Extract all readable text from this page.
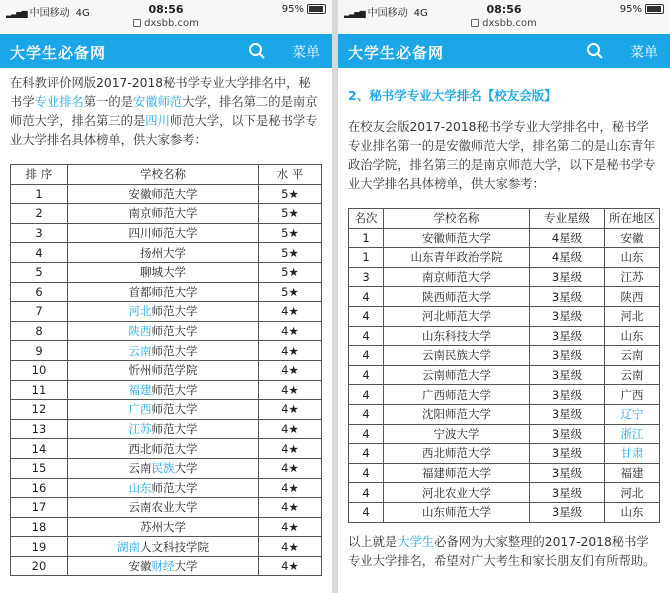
▂▃▅▆ 中国移动 4G	08:56
dxsbb.com
95%
大学生必备网	菜单

在科教评价网版2017-2018秘书学专业大学排名中，秘书学专业排名第一的是安徽师范大学，排名第二的是南京师范大学，排名第三的是四川师范大学，以下是秘书学专业大学排名具体榜单，供大家参考：

排 序	学校名称	水 平
1	安徽师范大学	5★
2	南京师范大学	5★
3	四川师范大学	5★
4	扬州大学	5★
5	聊城大学	5★
6	首都师范大学	5★
7	河北师范大学	4★
8	陕西师范大学	4★
9	云南师范大学	4★
10	忻州师范学院	4★
11	福建师范大学	4★
12	广西师范大学	4★
13	江苏师范大学	4★
14	西北师范大学	4★
15	云南民族大学	4★
16	山东师范大学	4★
17	云南农业大学	4★
18	苏州大学	4★
19	湖南人文科技学院	4★
20	安徽财经大学	4★
▂▃▅▆ 中国移动 4G	08:56
dxsbb.com
95%
大学生必备网	菜单

2、秘书学专业大学排名【校友会版】

在校友会版2017-2018秘书学专业大学排名中，秘书学专业排名第一的是安徽师范大学，排名第二的是山东青年政治学院，排名第三的是南京师范大学，以下是秘书学专业大学排名具体榜单，供大家参考：

名次	学校名称	专业星级	所在地区
1	安徽师范大学	4星级	安徽
1	山东青年政治学院	4星级	山东
3	南京师范大学	3星级	江苏
4	陕西师范大学	3星级	陕西
4	河北师范大学	3星级	河北
4	山东科技大学	3星级	山东
4	云南民族大学	3星级	云南
4	云南师范大学	3星级	云南
4	广西师范大学	3星级	广西
4	沈阳师范大学	3星级	辽宁
4	宁波大学	3星级	浙江
4	西北师范大学	3星级	甘肃
4	福建师范大学	3星级	福建
4	河北农业大学	3星级	河北
4	山东师范大学	3星级	山东

以上就是大学生必备网为大家整理的2017-2018秘书学专业大学排名，希望对广大考生和家长朋友们有所帮助。
